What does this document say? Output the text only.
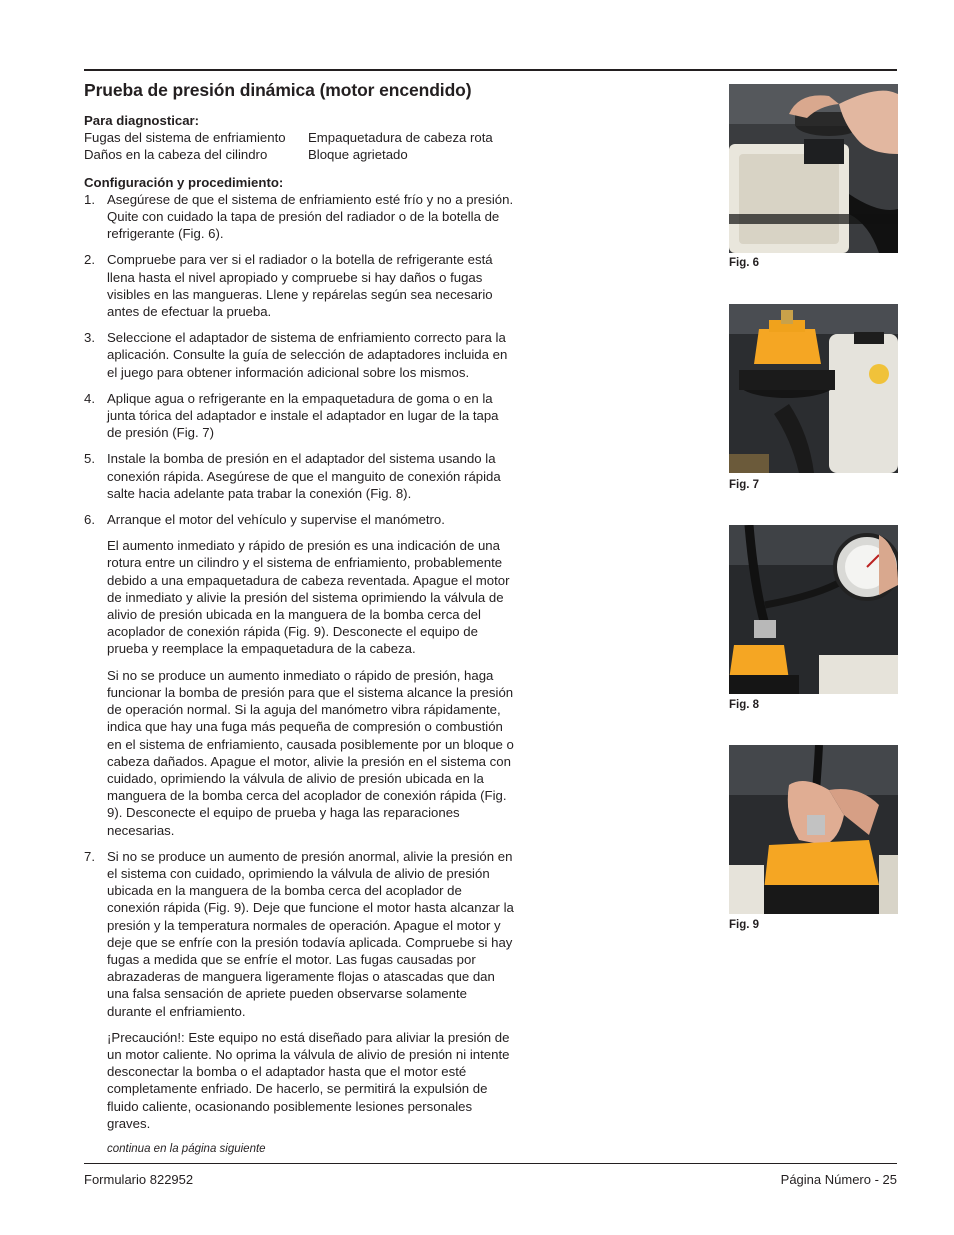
Prueba de presión dinámica (motor encendido)
Para diagnosticar:
Fugas del sistema de enfriamiento	Empaquetadura de cabeza rota
Daños en la cabeza del cilindro	Bloque agrietado
Configuración y procedimiento:
1. Asegúrese de que el sistema de enfriamiento esté frío y no a presión. Quite con cuidado la tapa de presión del radiador o de la botella de refrigerante (Fig. 6).
2. Compruebe para ver si el radiador o la botella de refrigerante está llena hasta el nivel apropiado y compruebe si hay daños o fugas visibles en las mangueras. Llene y repárelas según sea necesario antes de efectuar la prueba.
3. Seleccione el adaptador de sistema de enfriamiento correcto para la aplicación. Consulte la guía de selección de adaptadores incluida en el juego para obtener información adicional sobre los mismos.
4. Aplique agua o refrigerante en la empaquetadura de goma o en la junta tórica del adaptador e instale el adaptador en lugar de la tapa de presión (Fig. 7)
5. Instale la bomba de presión en el adaptador del sistema usando la conexión rápida. Asegúrese de que el manguito de conexión rápida salte hacia adelante pata trabar la conexión (Fig. 8).
6. Arranque el motor del vehículo y supervise el manómetro.
El aumento inmediato y rápido de presión es una indicación de una rotura entre un cilindro y el sistema de enfriamiento, probablemente debido a una empaquetadura de cabeza reventada. Apague el motor de inmediato y alivie la presión del sistema oprimiendo la válvula de alivio de presión ubicada en la manguera de la bomba cerca del acoplador de conexión rápida (Fig. 9). Desconecte el equipo de prueba y reemplace la empaquetadura de la cabeza.
Si no se produce un aumento inmediato o rápido de presión, haga funcionar la bomba de presión para que el sistema alcance la presión de operación normal. Si la aguja del manómetro vibra rápidamente, indica que hay una fuga más pequeña de compresión o combustión en el sistema de enfriamiento, causada posiblemente por un bloque o cabeza dañados. Apague el motor, alivie la presión en el sistema con cuidado, oprimiendo la válvula de alivio de presión ubicada en la manguera de la bomba cerca del acoplador de conexión rápida (Fig. 9). Desconecte el equipo de prueba y haga las reparaciones necesarias.
7. Si no se produce un aumento de presión anormal, alivie la presión en el sistema con cuidado, oprimiendo la válvula de alivio de presión ubicada en la manguera de la bomba cerca del acoplador de conexión rápida (Fig. 9). Deje que funcione el motor hasta alcanzar la presión y la temperatura normales de operación. Apague el motor y deje que se enfríe con la presión todavía aplicada. Compruebe si hay fugas a medida que se enfríe el motor. Las fugas causadas por abrazaderas de manguera ligeramente flojas o atascadas que dan una falsa sensación de apriete pueden observarse solamente durante el enfriamiento.
¡Precaución!: Este equipo no está diseñado para aliviar la presión de un motor caliente. No oprima la válvula de alivio de presión ni intente desconectar la bomba o el adaptador hasta que el motor esté completamente enfriado. De hacerlo, se permitirá la expulsión de fluido caliente, ocasionando posiblemente lesiones personales graves.
continua en la página siguiente
Fig. 6
Fig. 7
Fig. 8
Fig. 9
Formulario 822952	Página Número - 25
